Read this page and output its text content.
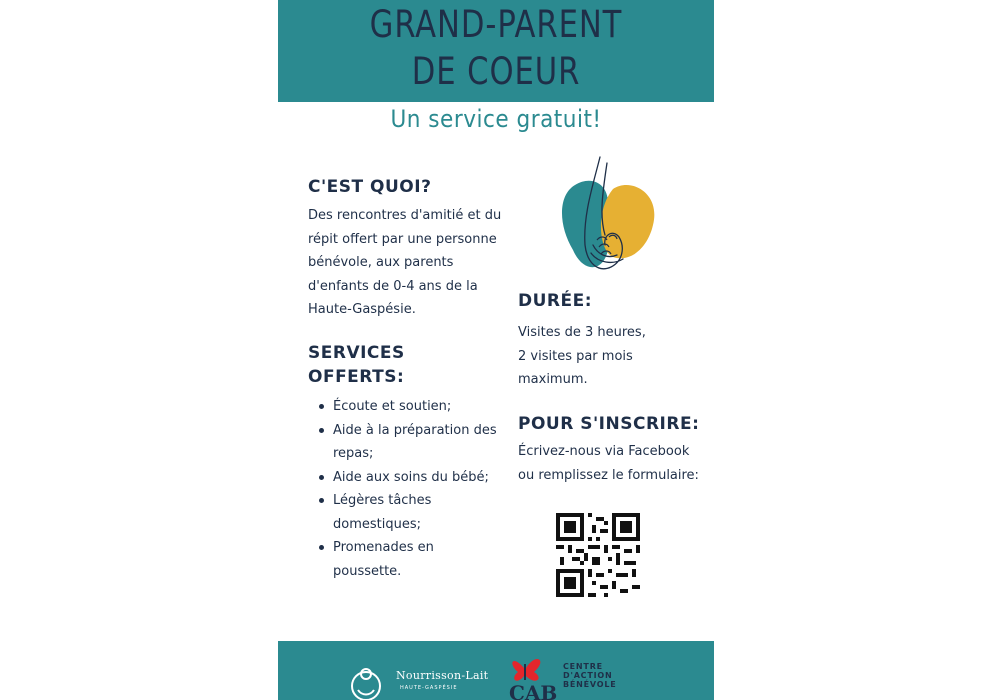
GRAND-PARENT
DE COEUR
Un service gratuit!
C'EST QUOI?
Des rencontres d'amitié et du
répit offert par une personne
bénévole, aux parents
d'enfants de 0-4 ans de la
Haute-Gaspésie.
SERVICES
OFFERTS:
Écoute et soutien;
Aide à la préparation des repas;
Aide aux soins du bébé;
Légères tâches domestiques;
Promenades en poussette.
DURÉE:
Visites de 3 heures,
2 visites par mois
maximum.
POUR S'INSCRIRE:
Écrivez-nous via Facebook
ou remplissez le formulaire:
Nourrisson-Lait
HAUTE-GASPÉSIE	CAB
CENTRE
D'ACTION
BÉNÉVOLE
